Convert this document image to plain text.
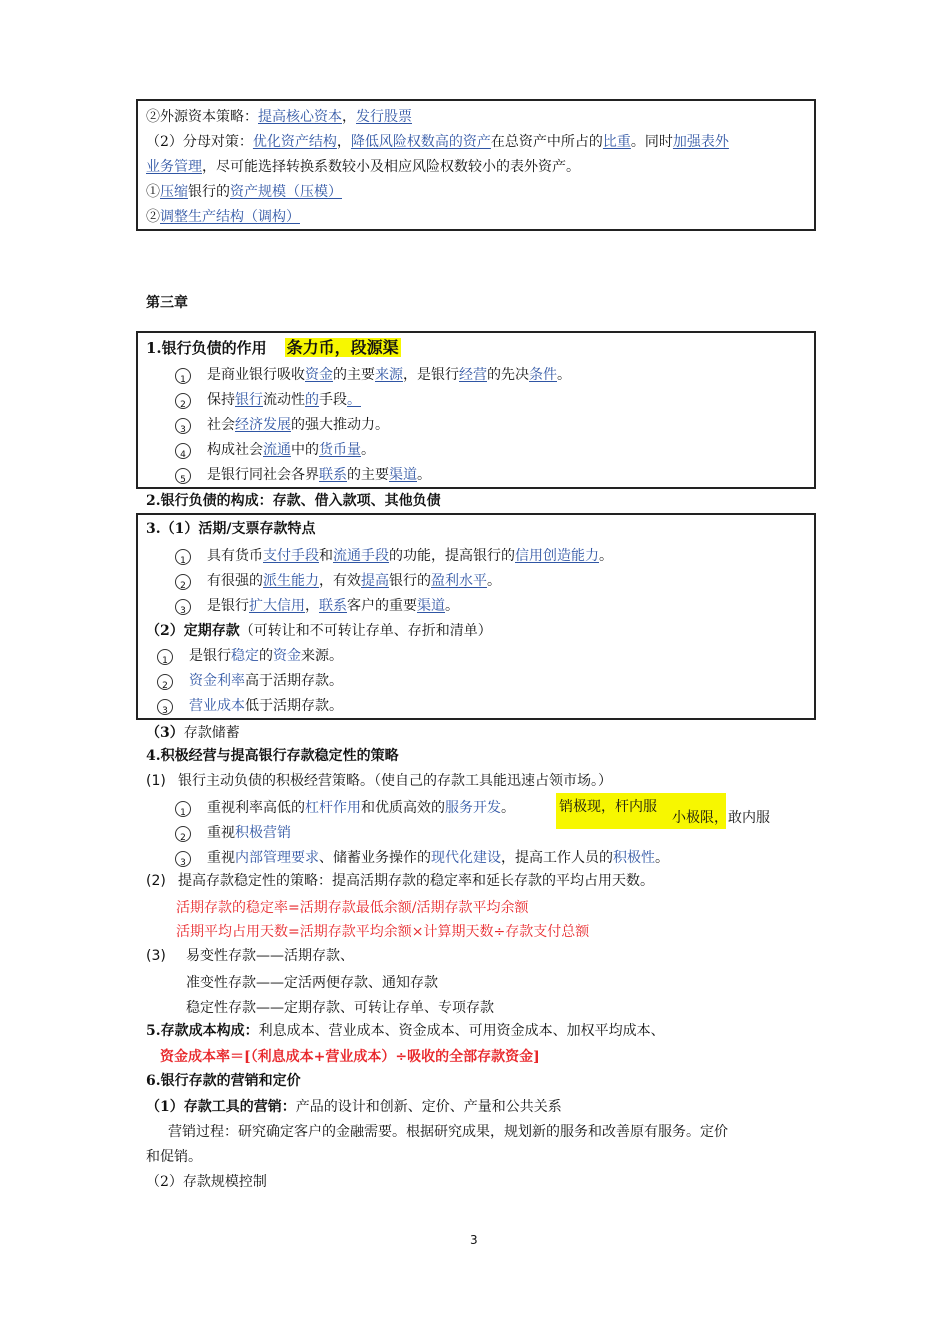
②外源资本策略：提高核心资本，发行股票
（2）分母对策：优化资产结构，降低风险权数高的资产在总资产中所占的比重。同时加强表外
业务管理，尽可能选择转换系数较小及相应风险权数较小的表外资产。
①压缩银行的资产规模（压模）
②调整生产结构（调构）
第三章
1.银行负债的作用 条力币，段源渠
1 是商业银行吸收资金的主要来源，是银行经营的先决条件。
2 保持银行流动性的手段。
3 社会经济发展的强大推动力。
4 构成社会流通中的货币量。
5 是银行同社会各界联系的主要渠道。
2.银行负债的构成：存款、借入款项、其他负债
3.（1）活期/支票存款特点
1 具有货币支付手段和流通手段的功能，提高银行的信用创造能力。
2 有很强的派生能力，有效提高银行的盈利水平。
3 是银行扩大信用，联系客户的重要渠道。
（2）定期存款（可转让和不可转让存单、存折和清单）
1 是银行稳定的资金来源。
2 资金利率高于活期存款。
3 营业成本低于活期存款。
（3）存款储蓄
4.积极经营与提高银行存款稳定性的策略
(1) 银行主动负债的积极经营策略。（使自己的存款工具能迅速占领市场。）
1 重视利率高低的杠杆作用和优质高效的服务开发。
2 重视积极营销
3 重视内部管理要求、储蓄业务操作的现代化建设，提高工作人员的积极性。
销极现，杆内服
小极限，敢内服
(2) 提高存款稳定性的策略：提高活期存款的稳定率和延长存款的平均占用天数。
活期存款的稳定率=活期存款最低余额/活期存款平均余额
活期平均占用天数=活期存款平均余额×计算期天数÷存款支付总额
(3) 易变性存款——活期存款、
准变性存款——定活两便存款、通知存款
稳定性存款——定期存款、可转让存单、专项存款
5.存款成本构成：利息成本、营业成本、资金成本、可用资金成本、加权平均成本、
资金成本率＝[（利息成本+营业成本）÷吸收的全部存款资金]
6.银行存款的营销和定价
（1）存款工具的营销：产品的设计和创新、定价、产量和公共关系
营销过程：研究确定客户的金融需要。根据研究成果，规划新的服务和改善原有服务。定价
和促销。
（2）存款规模控制
3
